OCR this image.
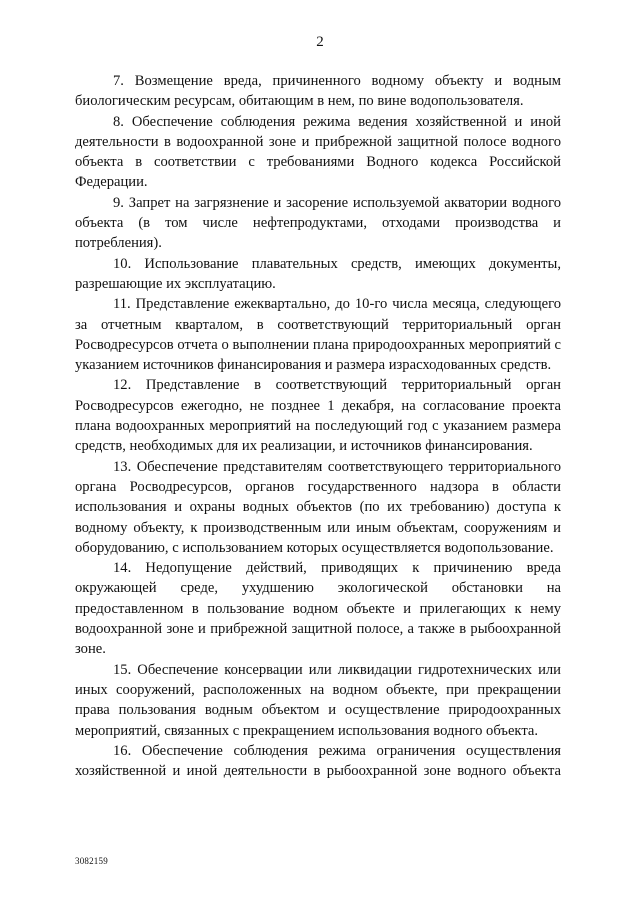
2

7. Возмещение вреда, причиненного водному объекту и водным биологическим ресурсам, обитающим в нем, по вине водопользователя.

8. Обеспечение соблюдения режима ведения хозяйственной и иной деятельности в водоохранной зоне и прибрежной защитной полосе водного объекта в соответствии с требованиями Водного кодекса Российской Федерации.

9. Запрет на загрязнение и засорение используемой акватории водного объекта (в том числе нефтепродуктами, отходами производства и потребления).

10. Использование плавательных средств, имеющих документы, разрешающие их эксплуатацию.

11. Представление ежеквартально, до 10-го числа месяца, следующего за отчетным кварталом, в соответствующий территориальный орган Росводресурсов отчета о выполнении плана природоохранных мероприятий с указанием источников финансирования и размера израсходованных средств.

12. Представление в соответствующий территориальный орган Росводресурсов ежегодно, не позднее 1 декабря, на согласование проекта плана водоохранных мероприятий на последующий год с указанием размера средств, необходимых для их реализации, и источников финансирования.

13. Обеспечение представителям соответствующего территориального органа Росводресурсов, органов государственного надзора в области использования и охраны водных объектов (по их требованию) доступа к водному объекту, к производственным или иным объектам, сооружениям и оборудованию, с использованием которых осуществляется водопользование.

14. Недопущение действий, приводящих к причинению вреда окружающей среде, ухудшению экологической обстановки на предоставленном в пользование водном объекте и прилегающих к нему водоохранной зоне и прибрежной защитной полосе, а также в рыбоохранной зоне.

15. Обеспечение консервации или ликвидации гидротехнических или иных сооружений, расположенных на водном объекте, при прекращении права пользования водным объектом и осуществление природоохранных мероприятий, связанных с прекращением использования водного объекта.

16. Обеспечение соблюдения режима ограничения осуществления хозяйственной и иной деятельности в рыбоохранной зоне водного объекта

3082159
